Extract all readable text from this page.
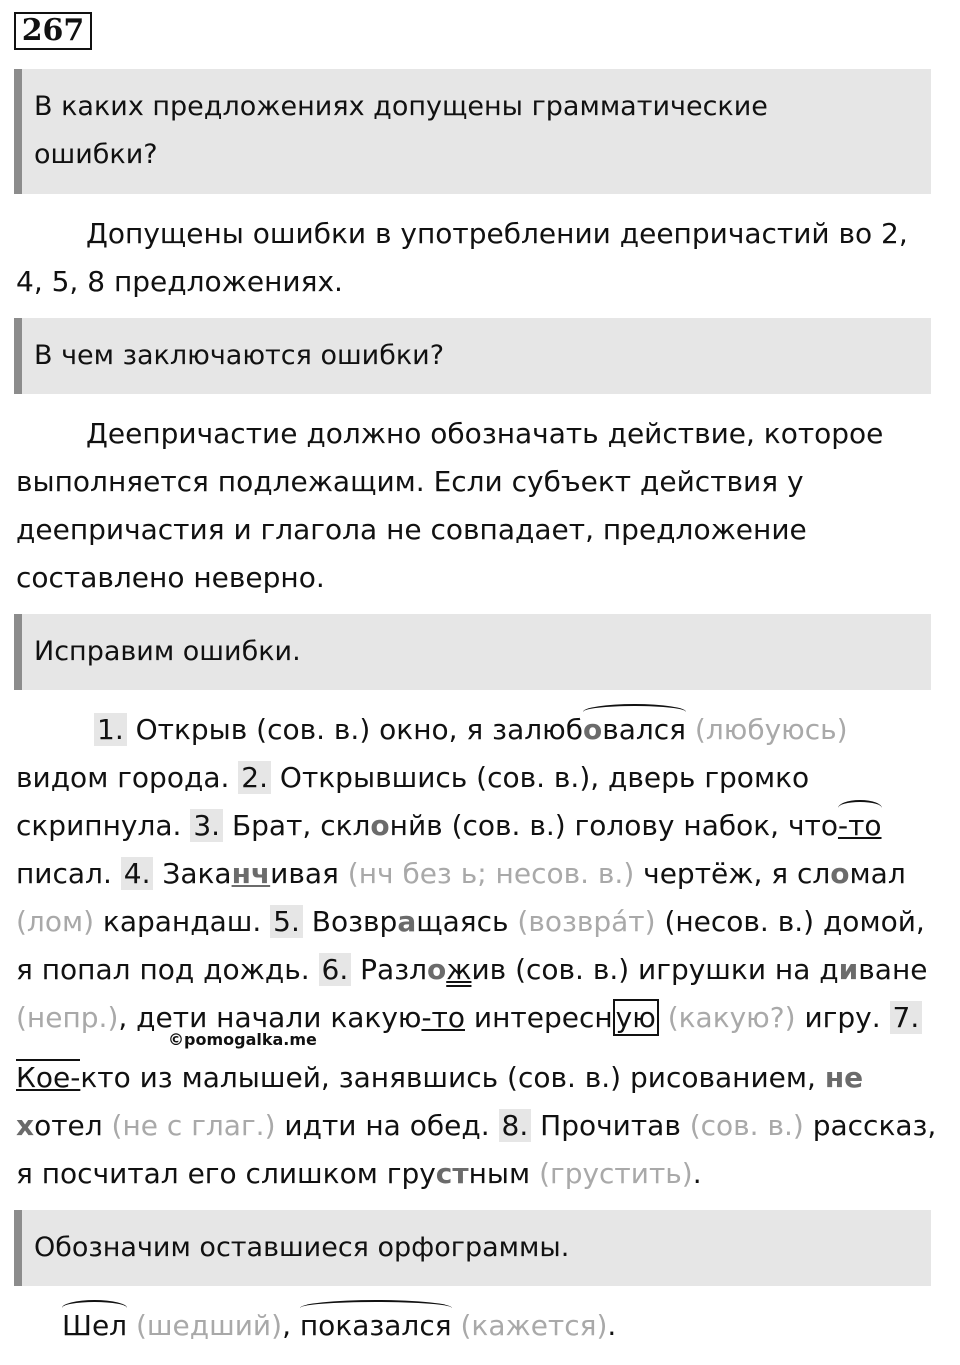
267
В каких предложениях допущены грамматические
ошибки?
Допущены ошибки в употреблении деепричастий во 2,
4, 5, 8 предложениях.
В чем заключаются ошибки?
Деепричастие должно обозначать действие, которое
выполняется подлежащим. Если субъект действия у
деепричастия и глагола не совпадает, предложение
составлено неверно.
Исправим ошибки.
1. Открыв (сов. в.) окно, я залюбовался (любуюсь)
видом города. 2. Открывшись (сов. в.), дверь громко
скрипнула. 3. Брат, склонйв (сов. в.) голову набок, что-то
писал. 4. Заканчивая (нч без ь; несов. в.) чертёж, я сломал
(лом) карандаш. 5. Возвращаясь (возврáт) (несов. в.) домой,
я попал под дождь. 6. Разложив (сов. в.) игрушки на диване
(непр.), дети начали какую-то интересн ую (какую?) игру. 7.
©pomogalka.me
Кое-кто из малышей, занявшись (сов. в.) рисованием, не
хотел (не с глаг.) идти на обед. 8. Прочитав (сов. в.) рассказ,
я посчитал его слишком грустным (грустить).
Обозначим оставшиеся орфограммы.
Шел (шедший), показался (кажется).
